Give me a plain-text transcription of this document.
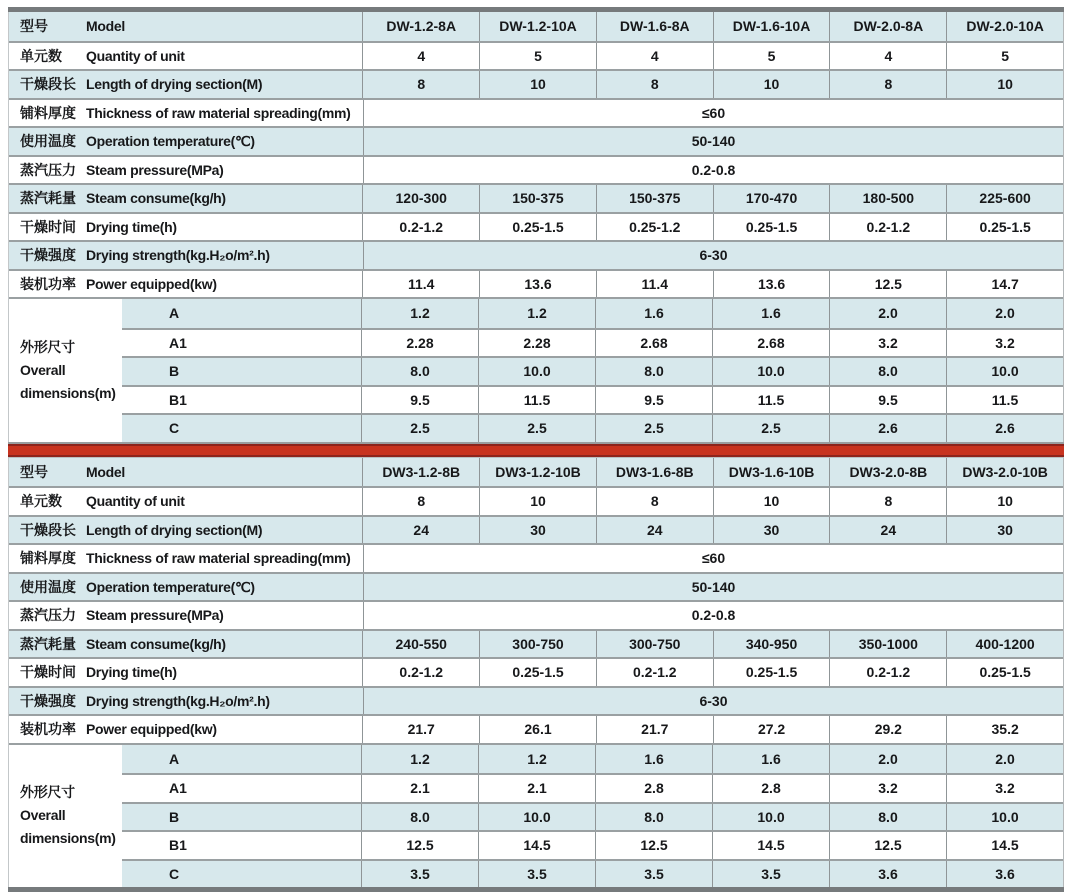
型号	Model	DW-1.2-8A	DW-1.2-10A	DW-1.6-8A	DW-1.6-10A	DW-2.0-8A	DW-2.0-10A
单元数	Quantity of unit	4	5	4	5	4	5
干燥段长 Length of drying section(M)	8	10	8	10	8	10
铺料厚度 Thickness of raw material spreading(mm)	≤60
使用温度 Operation temperature(℃)	50-140
蒸汽压力 Steam pressure(MPa)	0.2-0.8
蒸汽耗量 Steam consume(kg/h)	120-300	150-375	150-375	170-470	180-500	225-600
干燥时间 Drying time(h)	0.2-1.2	0.25-1.5	0.25-1.2	0.25-1.5	0.2-1.2	0.25-1.5
干燥强度 Drying strength(kg.H₂o/m².h)	6-30
装机功率 Power equipped(kw)	11.4	13.6	11.4	13.6	12.5	14.7
外形尺寸
Overall
dimensions(m)
A	1.2	1.2	1.6	1.6	2.0	2.0
A1	2.28	2.28	2.68	2.68	3.2	3.2
B	8.0	10.0	8.0	10.0	8.0	10.0
B1	9.5	11.5	9.5	11.5	9.5	11.5
C	2.5	2.5	2.5	2.5	2.6	2.6
型号	Model	DW3-1.2-8B	DW3-1.2-10B	DW3-1.6-8B	DW3-1.6-10B	DW3-2.0-8B	DW3-2.0-10B
单元数	Quantity of unit	8	10	8	10	8	10
干燥段长 Length of drying section(M)	24	30	24	30	24	30
铺料厚度 Thickness of raw material spreading(mm)	≤60
使用温度 Operation temperature(℃)	50-140
蒸汽压力 Steam pressure(MPa)	0.2-0.8
蒸汽耗量 Steam consume(kg/h)	240-550	300-750	300-750	340-950	350-1000	400-1200
干燥时间 Drying time(h)	0.2-1.2	0.25-1.5	0.2-1.2	0.25-1.5	0.2-1.2	0.25-1.5
干燥强度 Drying strength(kg.H₂o/m².h)	6-30
装机功率 Power equipped(kw)	21.7	26.1	21.7	27.2	29.2	35.2
外形尺寸
Overall
dimensions(m)
A	1.2	1.2	1.6	1.6	2.0	2.0
A1	2.1	2.1	2.8	2.8	3.2	3.2
B	8.0	10.0	8.0	10.0	8.0	10.0
B1	12.5	14.5	12.5	14.5	12.5	14.5
C	3.5	3.5	3.5	3.5	3.6	3.6
